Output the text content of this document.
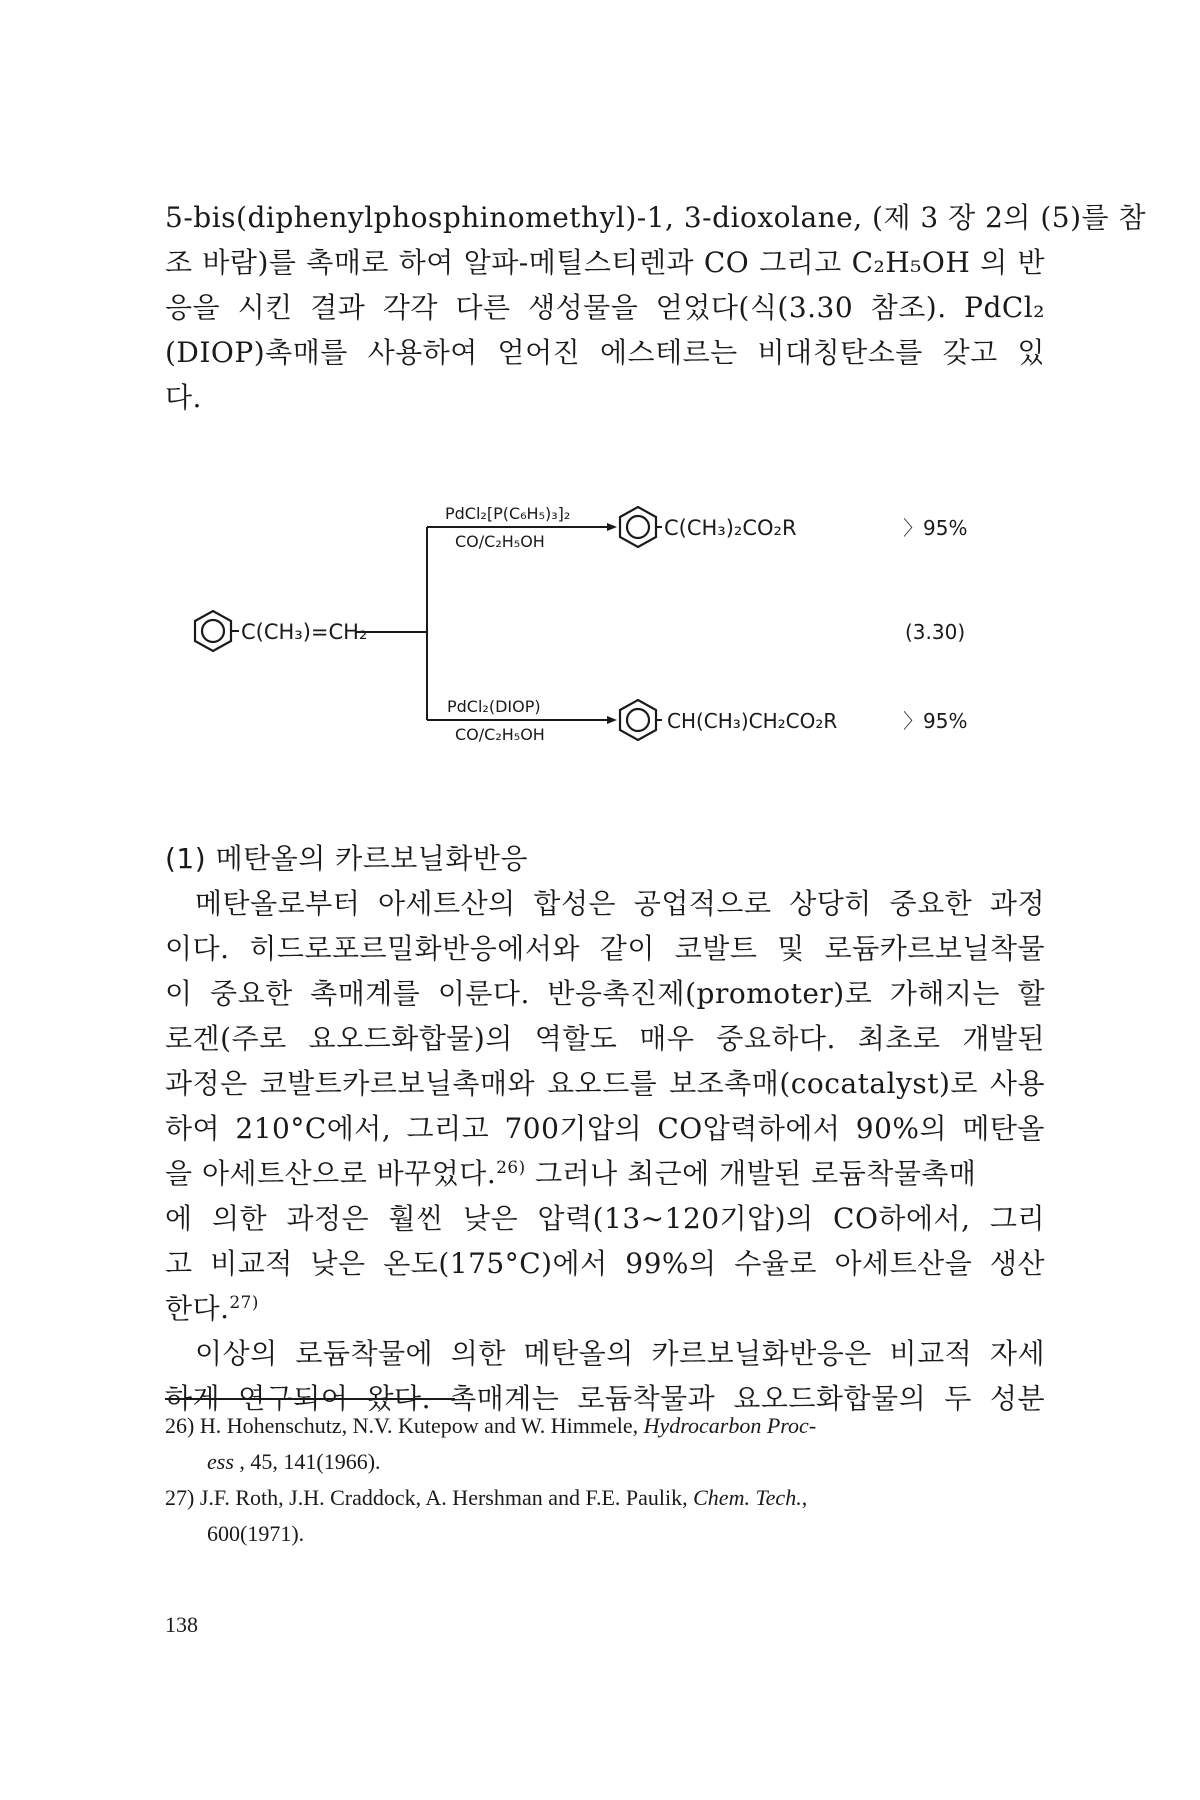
5-bis(diphenylphosphinomethyl)-1, 3-dioxolane, (제 3 장 2의 (5)를 참
조 바람)를 촉매로 하여 알파-메틸스티렌과 CO 그리고 C₂H₅OH 의 반
응을 시킨 결과 각각 다른 생성물을 얻었다(식(3.30 참조). PdCl₂
(DIOP)촉매를 사용하여 얻어진 에스테르는 비대칭탄소를 갖고 있
다.
C(CH₃)=CH₂
PdCl₂[P(C₆H₅)₃]₂
CO/C₂H₅OH
C(CH₃)₂CO₂R	〉95%
(3.30)
PdCl₂(DIOP)
CO/C₂H₅OH
CH(CH₃)CH₂CO₂R	〉95%
(1) 메탄올의 카르보닐화반응
메탄올로부터 아세트산의 합성은 공업적으로 상당히 중요한 과정
이다. 히드로포르밀화반응에서와 같이 코발트 및 로듐카르보닐착물
이 중요한 촉매계를 이룬다. 반응촉진제(promoter)로 가해지는 할
로겐(주로 요오드화합물)의 역할도 매우 중요하다. 최초로 개발된
과정은 코발트카르보닐촉매와 요오드를 보조촉매(cocatalyst)로 사용
하여 210°C에서, 그리고 700기압의 CO압력하에서 90%의 메탄올
을 아세트산으로 바꾸었다.$^{26)}$ 그러나 최근에 개발된 로듐착물촉매
에 의한 과정은 훨씬 낮은 압력(13∼120기압)의 CO하에서, 그리
고 비교적 낮은 온도(175°C)에서 99%의 수율로 아세트산을 생산
한다.$^{27)}$
이상의 로듐착물에 의한 메탄올의 카르보닐화반응은 비교적 자세
하게 연구되어 왔다. 촉매계는 로듐착물과 요오드화합물의 두 성분
26) H. Hohenschutz, N.V. Kutepow and W. Himmele, Hydrocarbon Proc-
ess , 45, 141(1966).
27) J.F. Roth, J.H. Craddock, A. Hershman and F.E. Paulik, Chem. Tech.,
600(1971).
138
